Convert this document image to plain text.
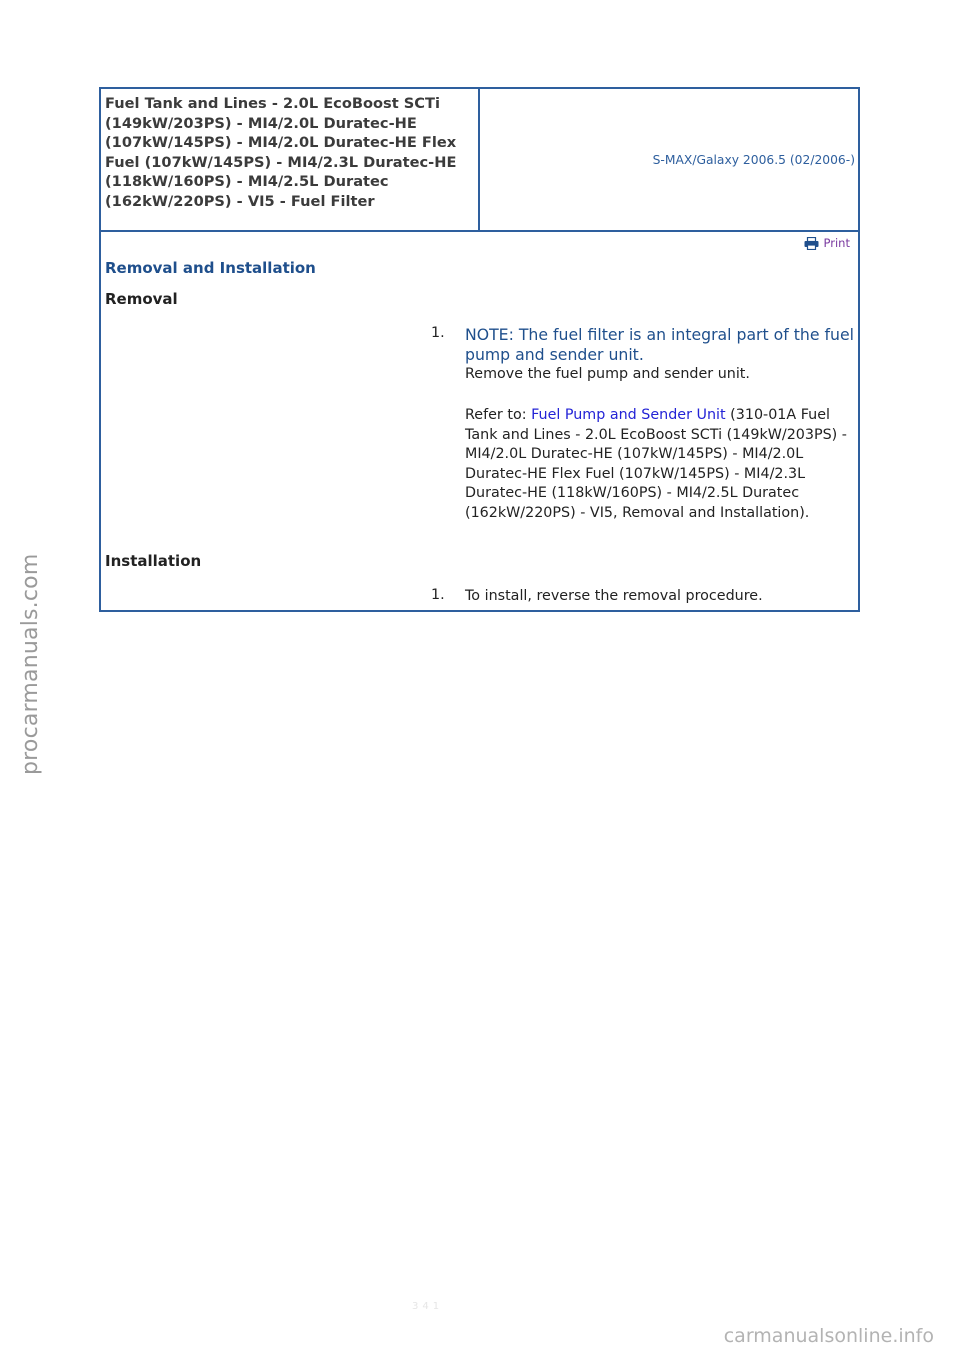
Fuel Tank and Lines - 2.0L EcoBoost SCTi (149kW/203PS) - MI4/2.0L Duratec-HE (107kW/145PS) - MI4/2.0L Duratec-HE Flex Fuel (107kW/145PS) - MI4/2.3L Duratec-HE (118kW/160PS) - MI4/2.5L Duratec (162kW/220PS) - VI5 - Fuel Filter
S-MAX/Galaxy 2006.5 (02/2006-)
Print
Removal and Installation
Removal
1. NOTE: The fuel filter is an integral part of the fuel pump and sender unit.

Remove the fuel pump and sender unit.

Refer to: Fuel Pump and Sender Unit (310-01A Fuel Tank and Lines - 2.0L EcoBoost SCTi (149kW/203PS) - MI4/2.0L Duratec-HE (107kW/145PS) - MI4/2.0L Duratec-HE Flex Fuel (107kW/145PS) - MI4/2.3L Duratec-HE (118kW/160PS) - MI4/2.5L Duratec (162kW/220PS) - VI5, Removal and Installation).
Installation
1. To install, reverse the removal procedure.

341
procarmanuals.com
carmanualsonline.info
